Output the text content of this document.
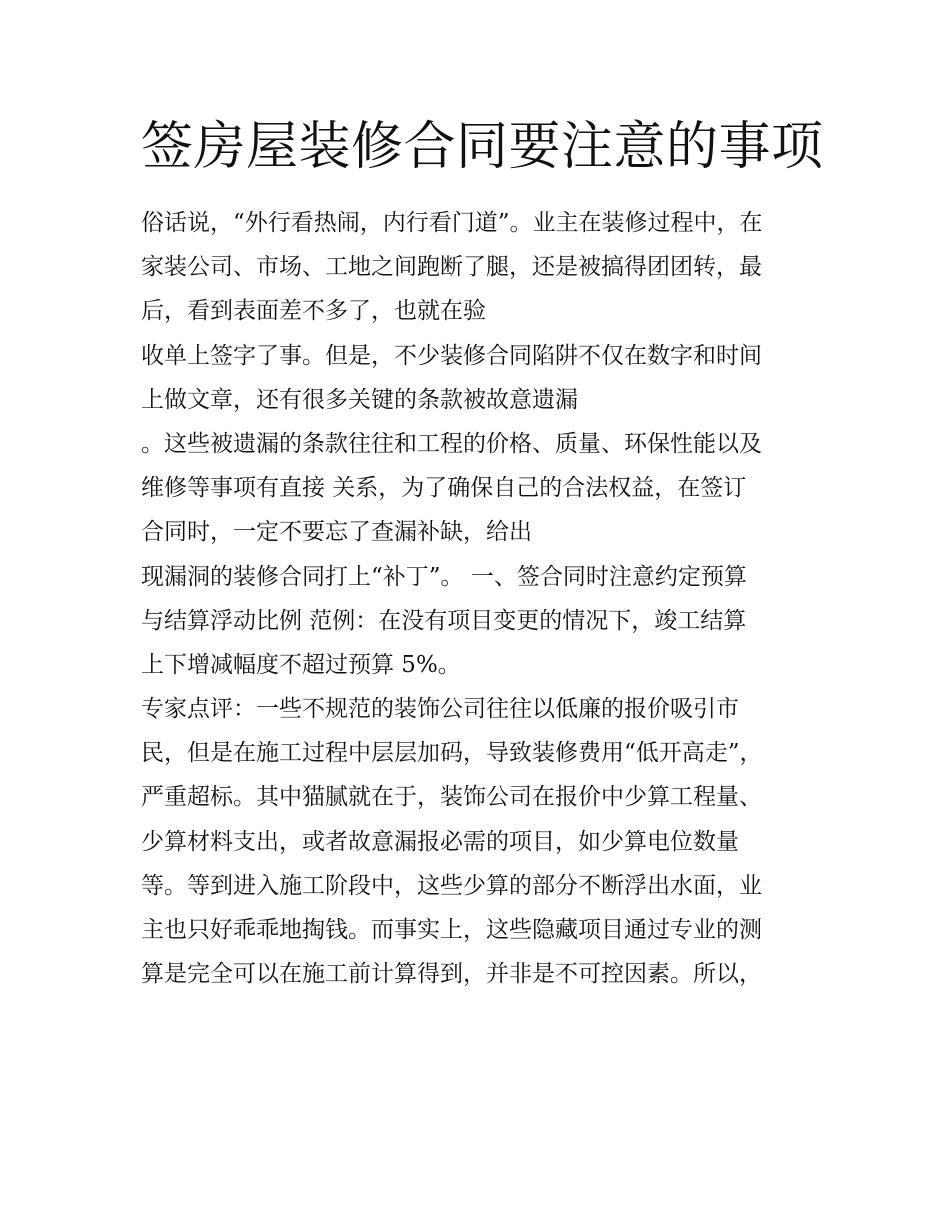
签房屋装修合同要注意的事项
俗话说，“外行看热闹，内行看门道”。业主在装修过程中，在
家装公司、市场、工地之间跑断了腿，还是被搞得团团转，最
后，看到表面差不多了，也就在验
收单上签字了事。但是，不少装修合同陷阱不仅在数字和时间
上做文章，还有很多关键的条款被故意遗漏
。这些被遗漏的条款往往和工程的价格、质量、环保性能以及
维修等事项有直接 关系，为了确保自己的合法权益，在签订
合同时，一定不要忘了查漏补缺，给出
现漏洞的装修合同打上“补丁”。 一、签合同时注意约定预算
与结算浮动比例 范例：在没有项目变更的情况下，竣工结算
上下增减幅度不超过预算 5%。
专家点评：一些不规范的装饰公司往往以低廉的报价吸引市
民，但是在施工过程中层层加码，导致装修费用“低开高走”，
严重超标。其中猫腻就在于，装饰公司在报价中少算工程量、
少算材料支出，或者故意漏报必需的项目，如少算电位数量
等。等到进入施工阶段中，这些少算的部分不断浮出水面，业
主也只好乖乖地掏钱。而事实上，这些隐藏项目通过专业的测
算是完全可以在施工前计算得到，并非是不可控因素。所以，
